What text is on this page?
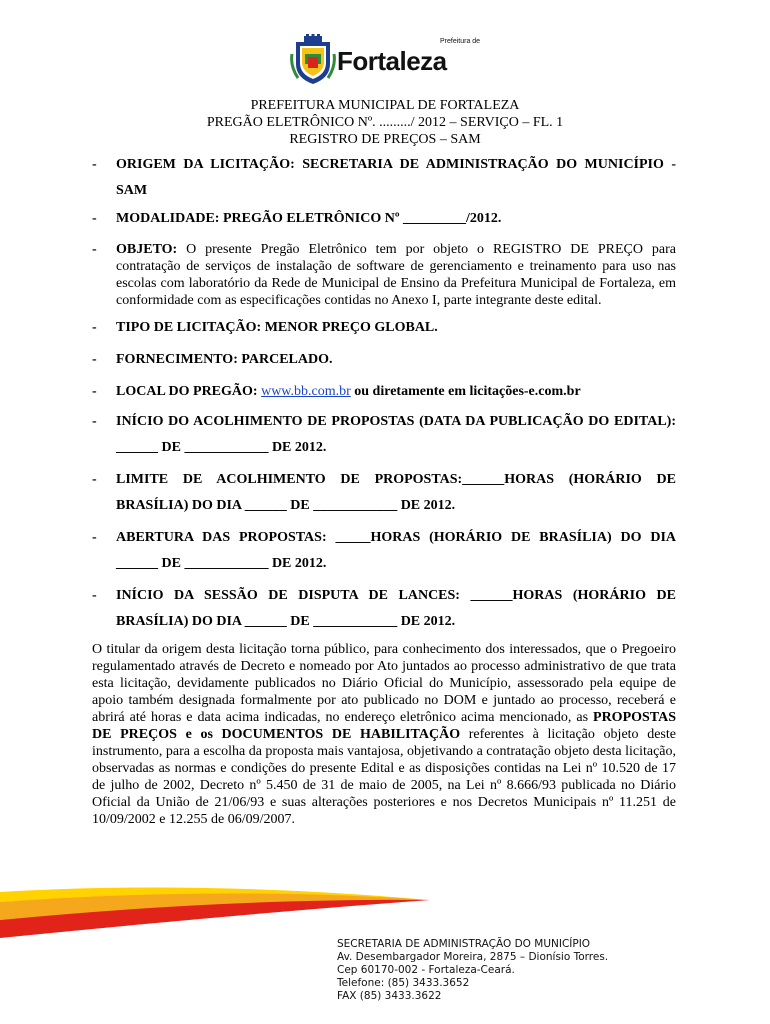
Prefeitura de
Fortaleza
PREFEITURA MUNICIPAL DE FORTALEZA
PREGÃO ELETRÔNICO Nº. ........./ 2012 – SERVIÇO – FL. 1
REGISTRO DE PREÇOS – SAM
- ORIGEM DA LICITAÇÃO: SECRETARIA DE ADMINISTRAÇÃO DO MUNICÍPIO - SAM
- MODALIDADE: PREGÃO ELETRÔNICO Nº _________/2012.
- OBJETO: O presente Pregão Eletrônico tem por objeto o REGISTRO DE PREÇO para contratação de serviços de instalação de software de gerenciamento e treinamento para uso nas escolas com laboratório da Rede de Municipal de Ensino da Prefeitura Municipal de Fortaleza, em conformidade com as especificações contidas no Anexo I, parte integrante deste edital.
- TIPO DE LICITAÇÃO: MENOR PREÇO GLOBAL.
- FORNECIMENTO: PARCELADO.
- LOCAL DO PREGÃO: www.bb.com.br ou diretamente em licitações-e.com.br
- INÍCIO DO ACOLHIMENTO DE PROPOSTAS (DATA DA PUBLICAÇÃO DO EDITAL): ______ DE ____________ DE 2012.
- LIMITE DE ACOLHIMENTO DE PROPOSTAS:______HORAS (HORÁRIO DE BRASÍLIA) DO DIA ______ DE ____________ DE 2012.
- ABERTURA DAS PROPOSTAS: _____HORAS (HORÁRIO DE BRASÍLIA) DO DIA ______ DE ____________ DE 2012.
- INÍCIO DA SESSÃO DE DISPUTA DE LANCES: ______HORAS (HORÁRIO DE BRASÍLIA) DO DIA ______ DE ____________ DE 2012.
O titular da origem desta licitação torna público, para conhecimento dos interessados, que o Pregoeiro regulamentado através de Decreto e nomeado por Ato juntados ao processo administrativo de que trata esta licitação, devidamente publicados no Diário Oficial do Município, assessorado pela equipe de apoio também designada formalmente por ato publicado no DOM e juntado ao processo, receberá e abrirá até horas e data acima indicadas, no endereço eletrônico acima mencionado, as PROPOSTAS DE PREÇOS e os DOCUMENTOS DE HABILITAÇÃO referentes à licitação objeto deste instrumento, para a escolha da proposta mais vantajosa, objetivando a contratação objeto desta licitação, observadas as normas e condições do presente Edital e as disposições contidas na Lei nº 10.520 de 17 de julho de 2002, Decreto nº 5.450 de 31 de maio de 2005, na Lei nº 8.666/93 publicada no Diário Oficial da União de 21/06/93 e suas alterações posteriores e nos Decretos Municipais nº 11.251 de 10/09/2002 e 12.255 de 06/09/2007.
SECRETARIA DE ADMINISTRAÇÃO DO MUNICÍPIO
Av. Desembargador Moreira, 2875 – Dionísio Torres.
Cep 60170-002 - Fortaleza-Ceará.
Telefone: (85) 3433.3652
FAX (85) 3433.3622
